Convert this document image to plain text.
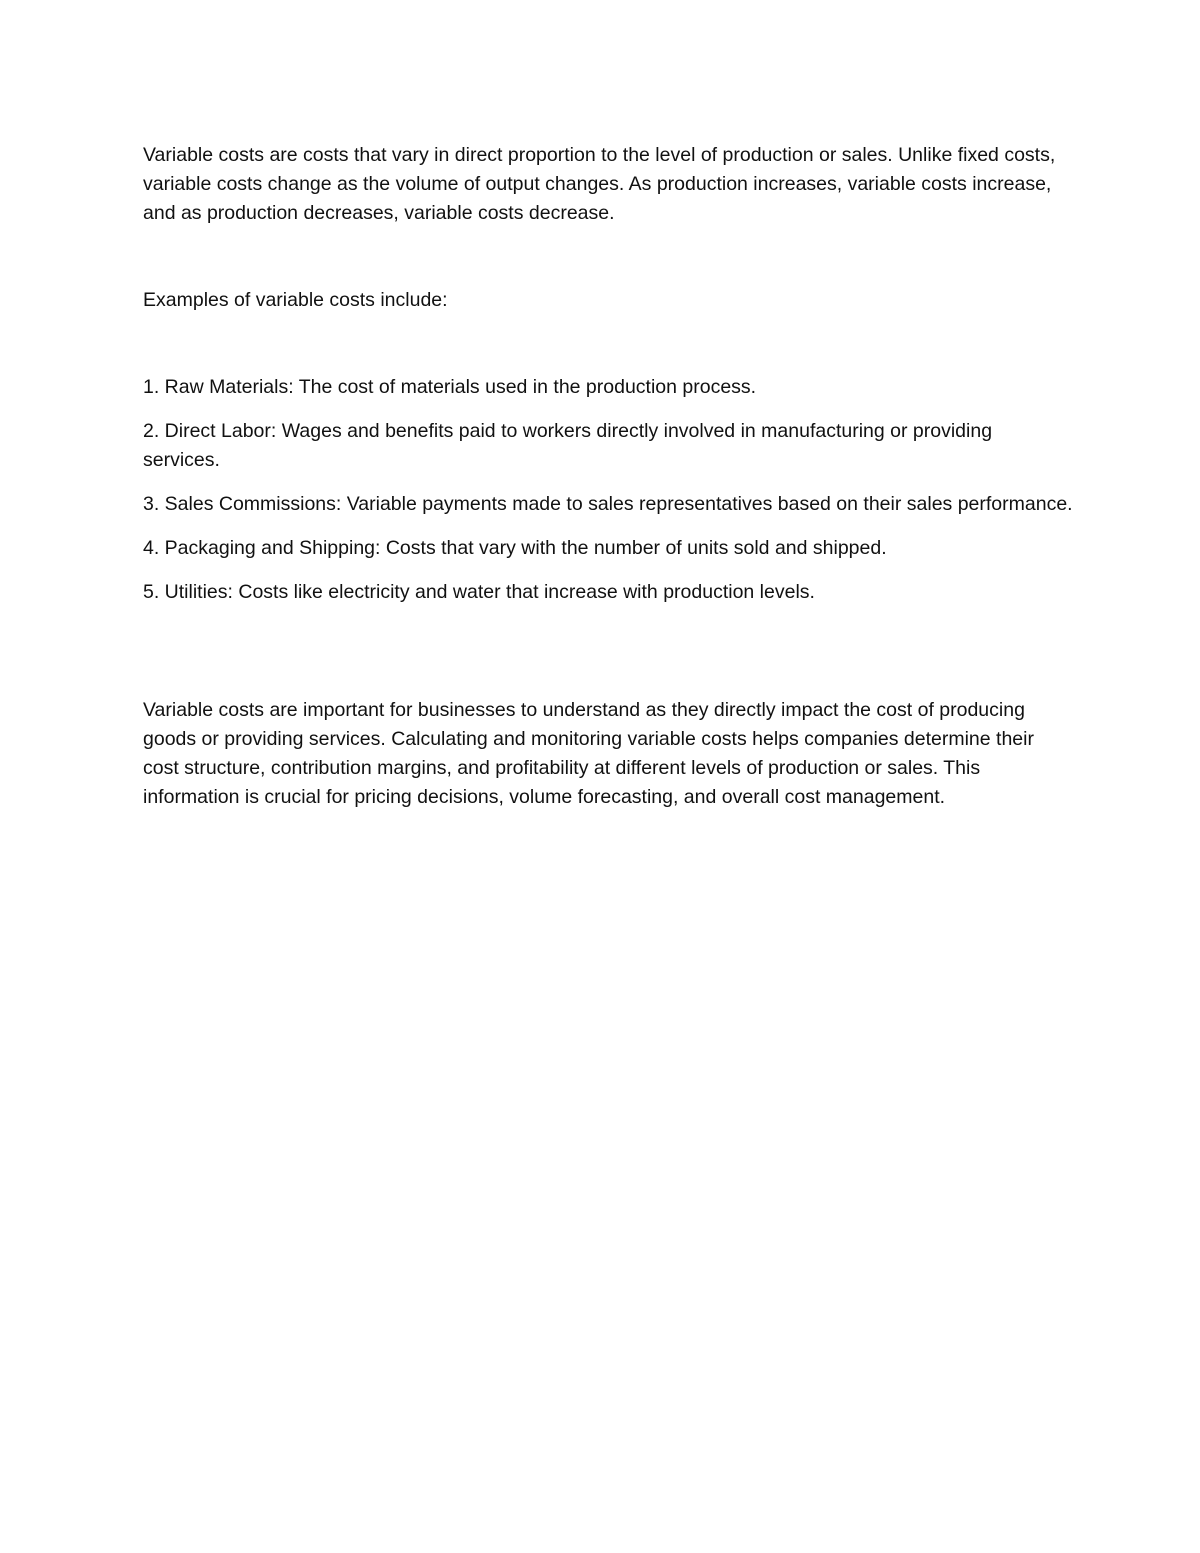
Variable costs are costs that vary in direct proportion to the level of production or sales. Unlike fixed costs, variable costs change as the volume of output changes. As production increases, variable costs increase, and as production decreases, variable costs decrease.

Examples of variable costs include:

1. Raw Materials: The cost of materials used in the production process.
2. Direct Labor: Wages and benefits paid to workers directly involved in manufacturing or providing services.
3. Sales Commissions: Variable payments made to sales representatives based on their sales performance.
4. Packaging and Shipping: Costs that vary with the number of units sold and shipped.
5. Utilities: Costs like electricity and water that increase with production levels.

Variable costs are important for businesses to understand as they directly impact the cost of producing goods or providing services. Calculating and monitoring variable costs helps companies determine their cost structure, contribution margins, and profitability at different levels of production or sales. This information is crucial for pricing decisions, volume forecasting, and overall cost management.
